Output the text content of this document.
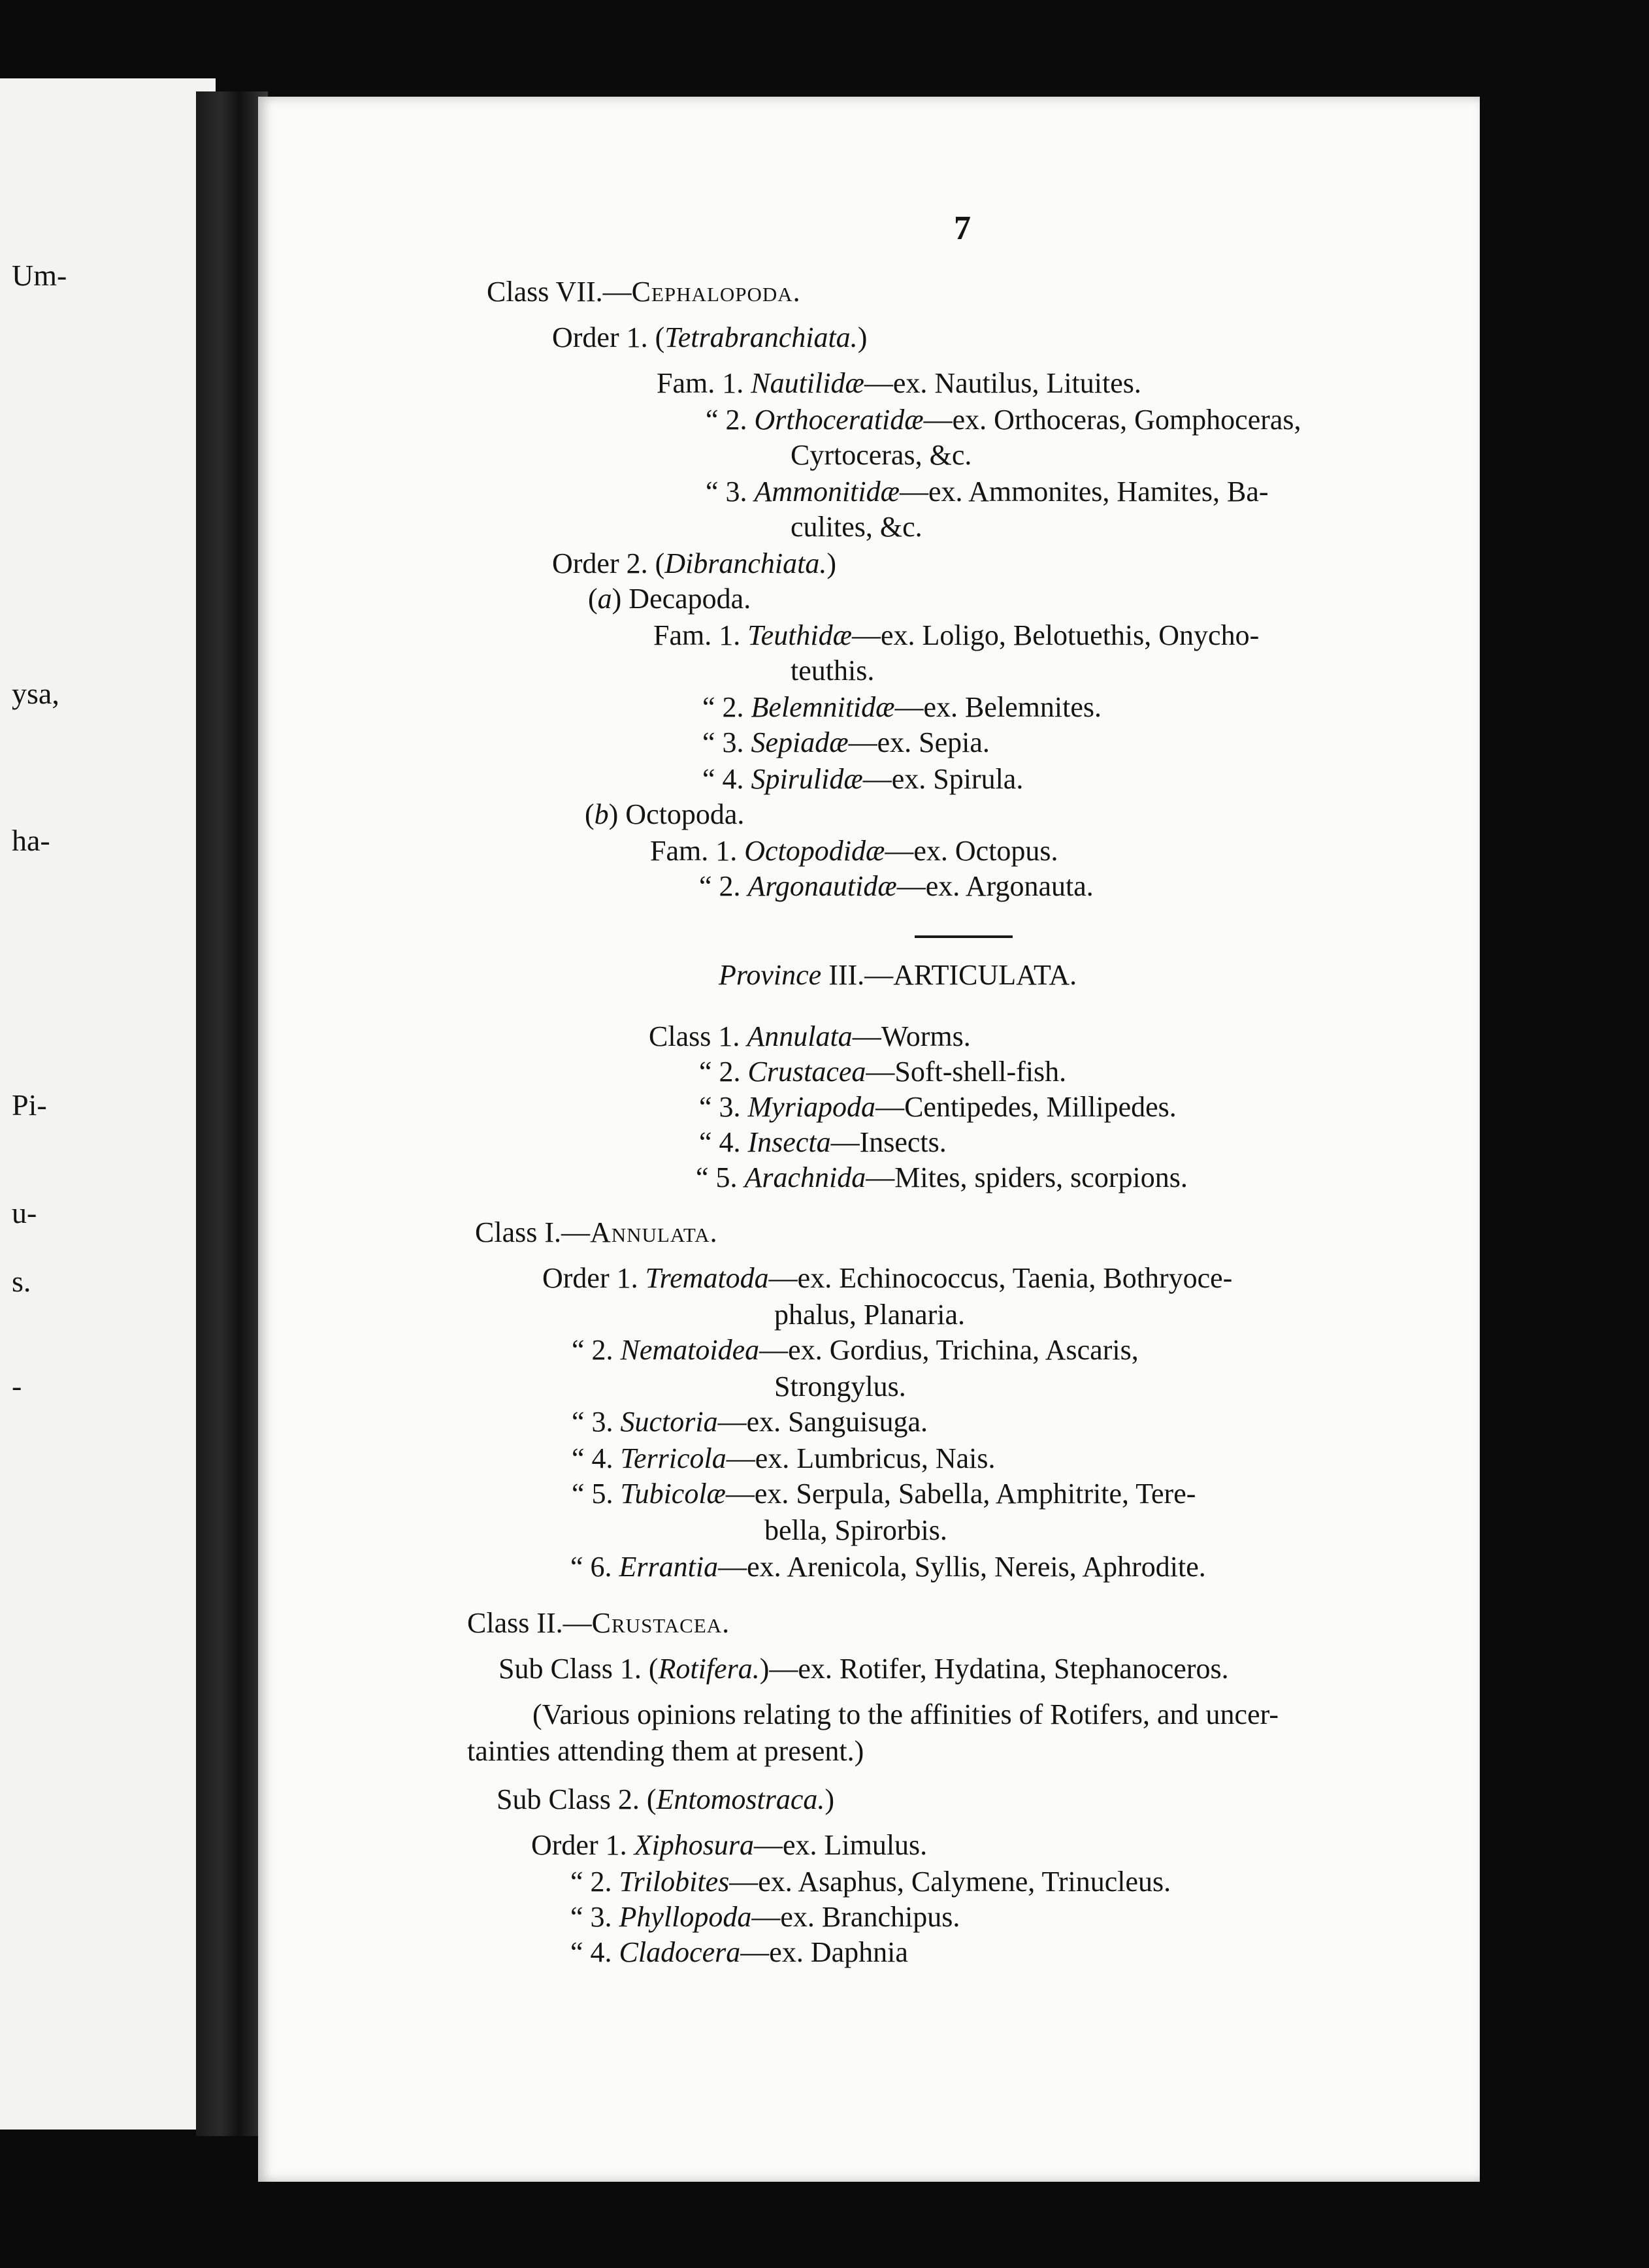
Um-
ysa,
ha-
Pi-
u-
s.
-
7
Class VII.—Cephalopoda.
Order 1. (Tetrabranchiata.)
Fam. 1. Nautilidæ—ex. Nautilus, Lituites.
“ 2. Orthoceratidæ—ex. Orthoceras, Gomphoceras,
Cyrtoceras, &c.
“ 3. Ammonitidæ—ex. Ammonites, Hamites, Ba-
culites, &c.
Order 2. (Dibranchiata.)
(a) Decapoda.
Fam. 1. Teuthidæ—ex. Loligo, Belotuethis, Onycho-
teuthis.
“ 2. Belemnitidæ—ex. Belemnites.
“ 3. Sepiadæ—ex. Sepia.
“ 4. Spirulidæ—ex. Spirula.
(b) Octopoda.
Fam. 1. Octopodidæ—ex. Octopus.
“ 2. Argonautidæ—ex. Argonauta.
Province III.—ARTICULATA.
Class 1. Annulata—Worms.
“ 2. Crustacea—Soft-shell-fish.
“ 3. Myriapoda—Centipedes, Millipedes.
“ 4. Insecta—Insects.
“ 5. Arachnida—Mites, spiders, scorpions.
Class I.—Annulata.
Order 1. Trematoda—ex. Echinococcus, Taenia, Bothryoce-
phalus, Planaria.
“ 2. Nematoidea—ex. Gordius, Trichina, Ascaris,
Strongylus.
“ 3. Suctoria—ex. Sanguisuga.
“ 4. Terricola—ex. Lumbricus, Nais.
“ 5. Tubicolæ—ex. Serpula, Sabella, Amphitrite, Tere-
bella, Spirorbis.
“ 6. Errantia—ex. Arenicola, Syllis, Nereis, Aphrodite.
Class II.—Crustacea.
Sub Class 1. (Rotifera.)—ex. Rotifer, Hydatina, Stephanoceros.
(Various opinions relating to the affinities of Rotifers, and uncer-
tainties attending them at present.)
Sub Class 2. (Entomostraca.)
Order 1. Xiphosura—ex. Limulus.
“ 2. Trilobites—ex. Asaphus, Calymene, Trinucleus.
“ 3. Phyllopoda—ex. Branchipus.
“ 4. Cladocera—ex. Daphnia
